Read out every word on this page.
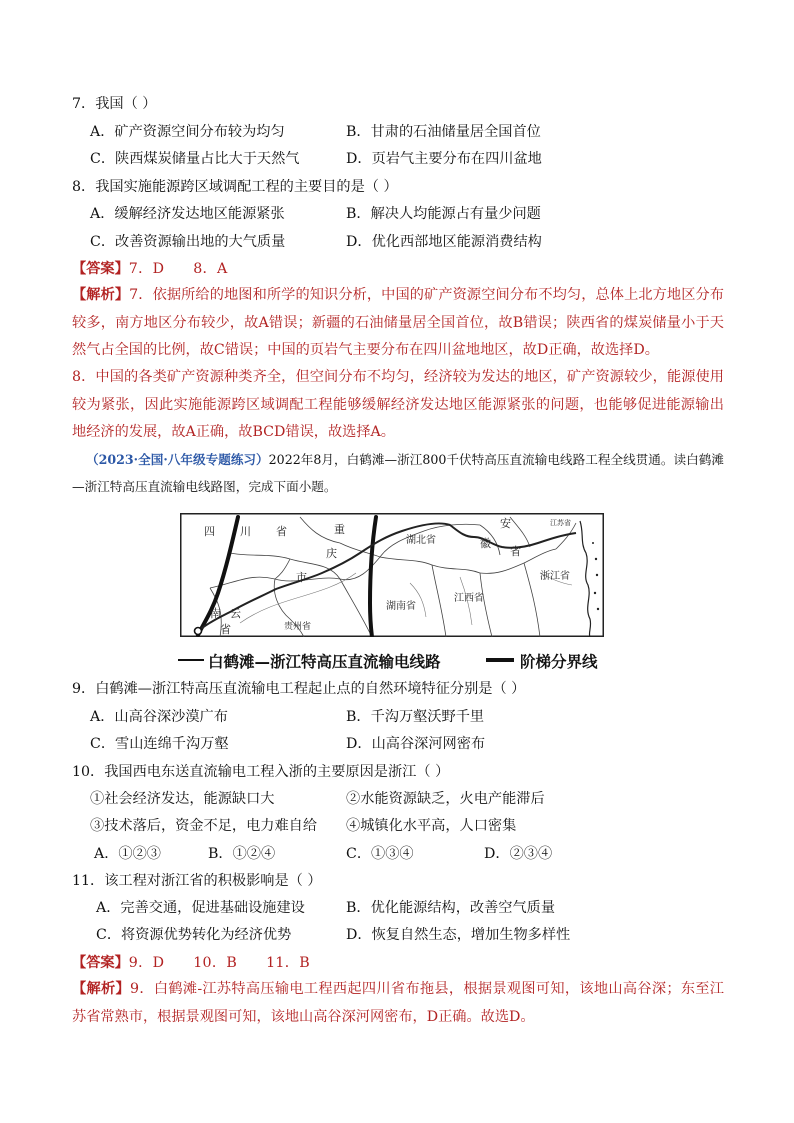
7．我国（ ）
A．矿产资源空间分布较为均匀	B．甘肃的石油储量居全国首位
C．陕西煤炭储量占比大于天然气	D．页岩气主要分布在四川盆地
8．我国实施能源跨区域调配工程的主要目的是（ ）
A．缓解经济发达地区能源紧张	B．解决人均能源占有量少问题
C．改善资源输出地的大气质量	D．优化西部地区能源消费结构
【答案】7．D　　8．A
【解析】7．依据所给的地图和所学的知识分析，中国的矿产资源空间分布不均匀，总体上北方地区分布较多，南方地区分布较少，故A错误；新疆的石油储量居全国首位，故B错误；陕西省的煤炭储量小于天然气占全国的比例，故C错误；中国的页岩气主要分布在四川盆地地区，故D正确，故选择D。
8．中国的各类矿产资源种类齐全，但空间分布不均匀，经济较为发达的地区，矿产资源较少，能源使用较为紧张，因此实施能源跨区域调配工程能够缓解经济发达地区能源紧张的问题，也能够促进能源输出地经济的发展，故A正确，故BCD错误，故选择A。
（2023·全国·八年级专题练习）2022年8月，白鹤滩—浙江800千伏特高压直流输电线路工程全线贯通。读白鹤滩—浙江特高压直流输电线路图，完成下面小题。
四 川 省	重
庆
市
湖北省
安
徽
省
江苏省
浙江省
江西省
湖南省
贵州省
云
南
省
白鹤滩—浙江特高压直流输电线路	阶梯分界线
9．白鹤滩—浙江特高压直流输电工程起止点的自然环境特征分别是（ ）
A．山高谷深沙漠广布	B．千沟万壑沃野千里
C．雪山连绵千沟万壑	D．山高谷深河网密布
10．我国西电东送直流输电工程入浙的主要原因是浙江（ ）
①社会经济发达，能源缺口大	②水能资源缺乏，火电产能滞后
③技术落后，资金不足，电力难自给 ④城镇化水平高，人口密集
A．①②③	B．①②④	C．①③④	D．②③④
11．该工程对浙江省的积极影响是（ ）
A．完善交通，促进基础设施建设	B．优化能源结构，改善空气质量
C．将资源优势转化为经济优势	D．恢复自然生态，增加生物多样性
【答案】9．D　　10．B　　11．B
【解析】9．白鹤滩-江苏特高压输电工程西起四川省布拖县，根据景观图可知，该地山高谷深；东至江苏省常熟市，根据景观图可知，该地山高谷深河网密布，D正确。故选D。
